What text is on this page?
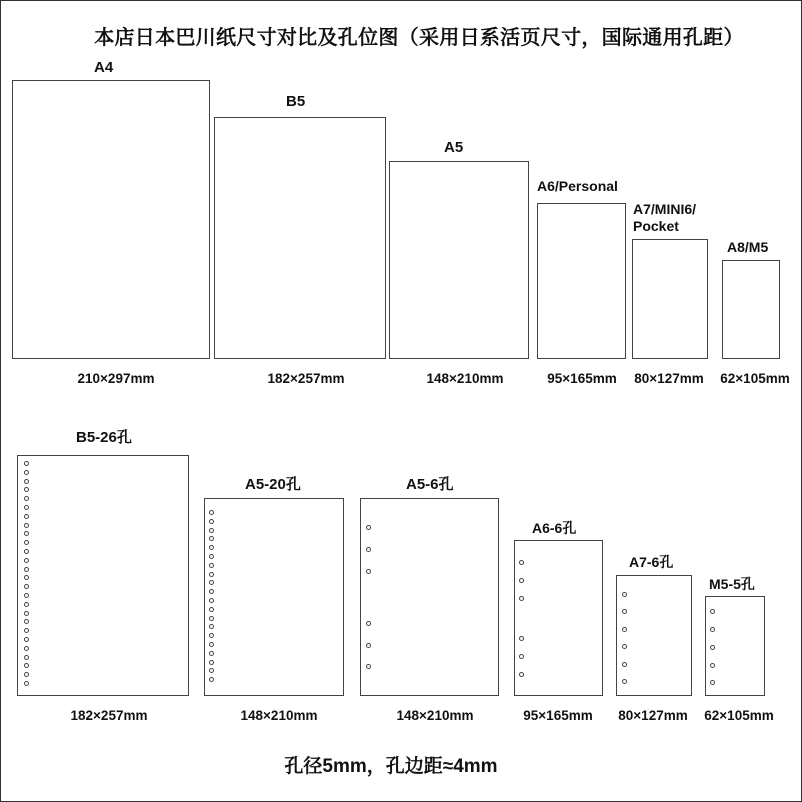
本店日本巴川纸尺寸对比及孔位图（采用日系活页尺寸，国际通用孔距）
A4
210×297mm
B5
182×257mm
A5
148×210mm
A6/Personal
95×165mm
A7/MINI6/
Pocket
80×127mm
A8/M5
62×105mm
B5-26孔
182×257mm
A5-20孔
148×210mm
A5-6孔
148×210mm
A6-6孔
95×165mm
A7-6孔
80×127mm
M5-5孔
62×105mm
孔径5mm，孔边距≈4mm
